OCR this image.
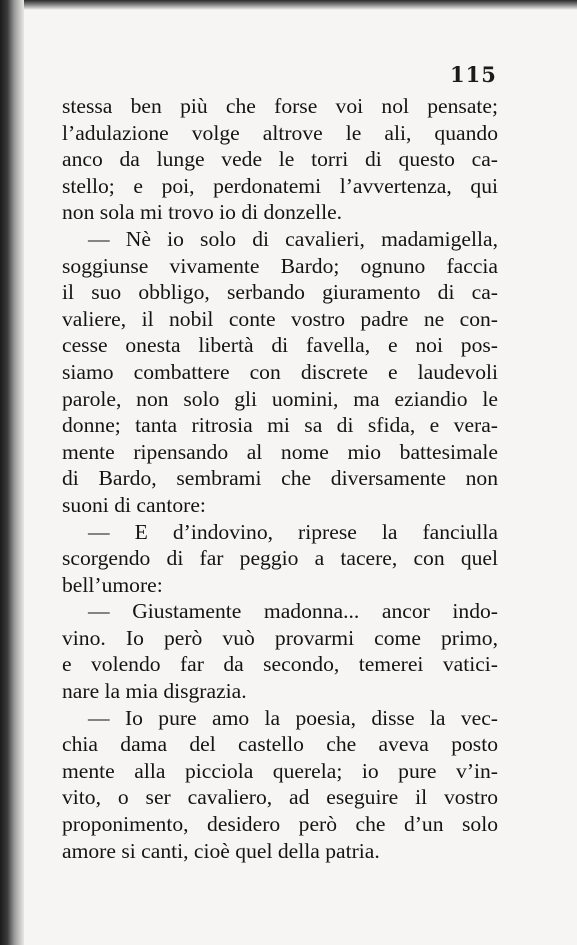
115
stessa ben più che forse voi nol pensate;
l’adulazione volge altrove le ali, quando
anco da lunge vede le torri di questo ca-
stello; e poi, perdonatemi l’avvertenza, qui
non sola mi trovo io di donzelle.
— Nè io solo di cavalieri, madamigella,
soggiunse vivamente Bardo; ognuno faccia
il suo obbligo, serbando giuramento di ca-
valiere, il nobil conte vostro padre ne con-
cesse onesta libertà di favella, e noi pos-
siamo combattere con discrete e laudevoli
parole, non solo gli uomini, ma eziandio le
donne; tanta ritrosia mi sa di sfida, e vera-
mente ripensando al nome mio battesimale
di Bardo, sembrami che diversamente non
suoni di cantore:
— E d’indovino, riprese la fanciulla
scorgendo di far peggio a tacere, con quel
bell’umore:
— Giustamente madonna... ancor indo-
vino. Io però vuò provarmi come primo,
e volendo far da secondo, temerei vatici-
nare la mia disgrazia.
— Io pure amo la poesia, disse la vec-
chia dama del castello che aveva posto
mente alla picciola querela; io pure v’in-
vito, o ser cavaliero, ad eseguire il vostro
proponimento, desidero però che d’un solo
amore si canti, cioè quel della patria.
